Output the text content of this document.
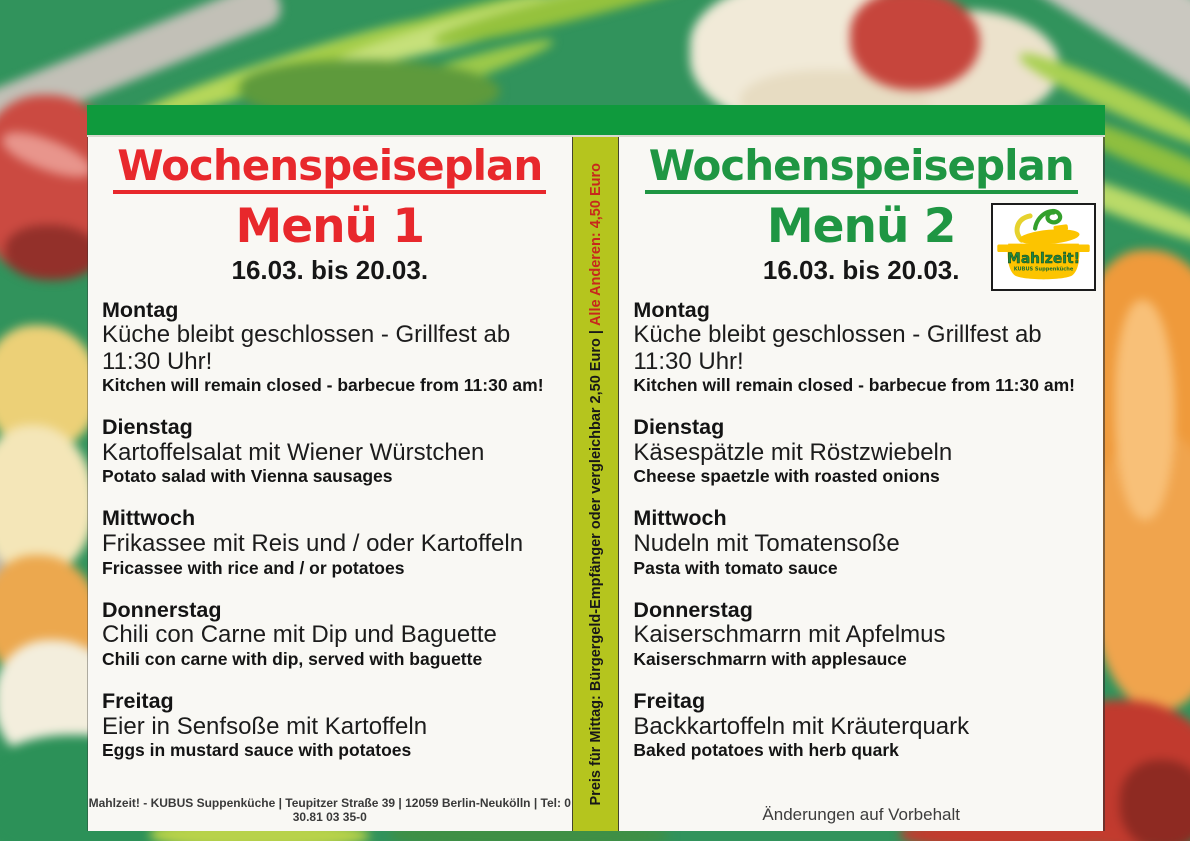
Wochenspeiseplan
Menü 1
16.03. bis 20.03.
Montag
Küche bleibt geschlossen - Grillfest ab 11:30 Uhr!
Kitchen will remain closed - barbecue from 11:30 am!
Dienstag
Kartoffelsalat mit Wiener Würstchen
Potato salad with Vienna sausages
Mittwoch
Frikassee mit Reis und / oder Kartoffeln
Fricassee with rice and / or potatoes
Donnerstag
Chili con Carne mit Dip und Baguette
Chili con carne with dip, served with baguette
Freitag
Eier in Senfsoße mit Kartoffeln
Eggs in mustard sauce with potatoes
Mahlzeit! - KUBUS Suppenküche | Teupitzer Straße 39 | 12059 Berlin-Neukölln | Tel: 0 30.81 03 35-0
Preis für Mittag: Bürgergeld-Empfänger oder vergleichbar 2,50 Euro | Alle Anderen: 4,50 Euro	Wochenspeiseplan
Menü 2
16.03. bis 20.03.	Mahlzeit!
KUBUS Suppenküche
Montag
Küche bleibt geschlossen - Grillfest ab 11:30 Uhr!
Kitchen will remain closed - barbecue from 11:30 am!
Dienstag
Käsespätzle mit Röstzwiebeln
Cheese spaetzle with roasted onions
Mittwoch
Nudeln mit Tomatensoße
Pasta with tomato sauce
Donnerstag
Kaiserschmarrn mit Apfelmus
Kaiserschmarrn with applesauce
Freitag
Backkartoffeln mit Kräuterquark
Baked potatoes with herb quark
Änderungen auf Vorbehalt
